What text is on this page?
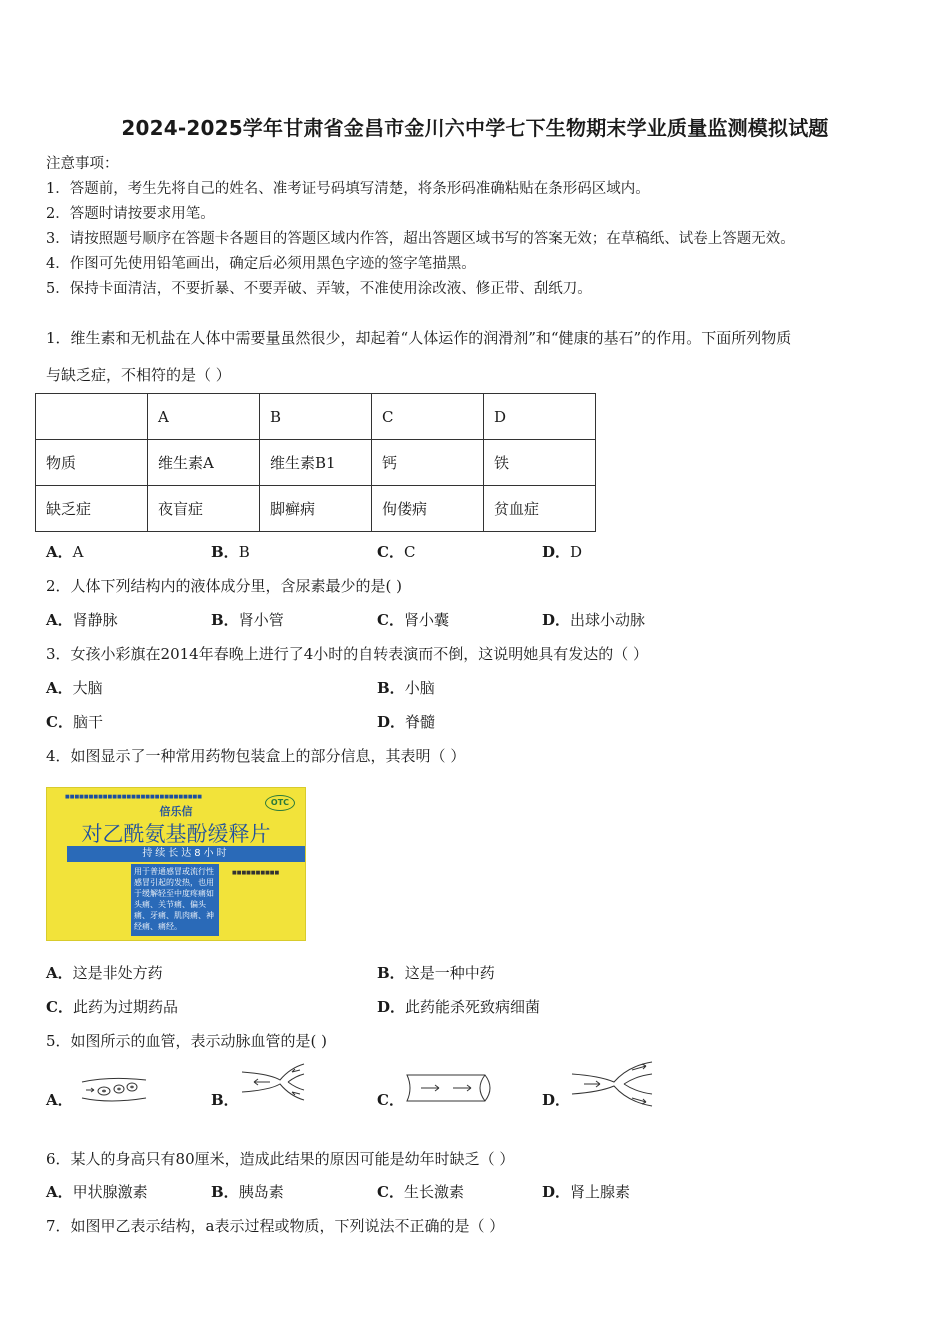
2024-2025学年甘肃省金昌市金川六中学七下生物期末学业质量监测模拟试题
注意事项：
1．答题前，考生先将自己的姓名、准考证号码填写清楚，将条形码准确粘贴在条形码区域内。
2．答题时请按要求用笔。
3．请按照题号顺序在答题卡各题目的答题区域内作答，超出答题区域书写的答案无效；在草稿纸、试卷上答题无效。
4．作图可先使用铅笔画出，确定后必须用黑色字迹的签字笔描黑。
5．保持卡面清洁，不要折暴、不要弄破、弄皱，不准使用涂改液、修正带、刮纸刀。
1．维生素和无机盐在人体中需要量虽然很少，却起着“人体运作的润滑剂”和“健康的基石”的作用。下面所列物质
与缺乏症，不相符的是（ ）
	A	B	C	D
物质	维生素A	维生素B1	钙	铁
缺乏症	夜盲症	脚癣病	佝偻病	贫血症
A．A	B．B	C．C	D．D
2．人体下列结构内的液体成分里，含尿素最少的是( )
A．肾静脉	B．肾小管	C．肾小囊	D．出球小动脉
3．女孩小彩旗在2014年春晚上进行了4小时的自转表演而不倒，这说明她具有发达的（ ）
A．大脑	B．小脑
C．脑干	D．脊髓
4．如图显示了一种常用药物包装盒上的部分信息，其表明（ ）
■■■■■■■■■■■■■■■■■■■■■■■■■■■■■
OTC
倍乐信
对乙酰氨基酚缓释片
持续长达8小时
用于普通感冒或流行性感冒引起的发热，也用于缓解轻至中度疼痛如头痛、关节痛、偏头痛、牙痛、肌肉痛、神经痛、痛经。
■■■■■■■■■■
A．这是非处方药	B．这是一种中药
C．此药为过期药品	D．此药能杀死致病细菌
5．如图所示的血管，表示动脉血管的是( )
A．	B．	C．	D．
6．某人的身高只有80厘米，造成此结果的原因可能是幼年时缺乏（ ）
A．甲状腺激素	B．胰岛素	C．生长激素	D．肾上腺素
7．如图甲乙表示结构，a表示过程或物质，下列说法不正确的是（ ）
